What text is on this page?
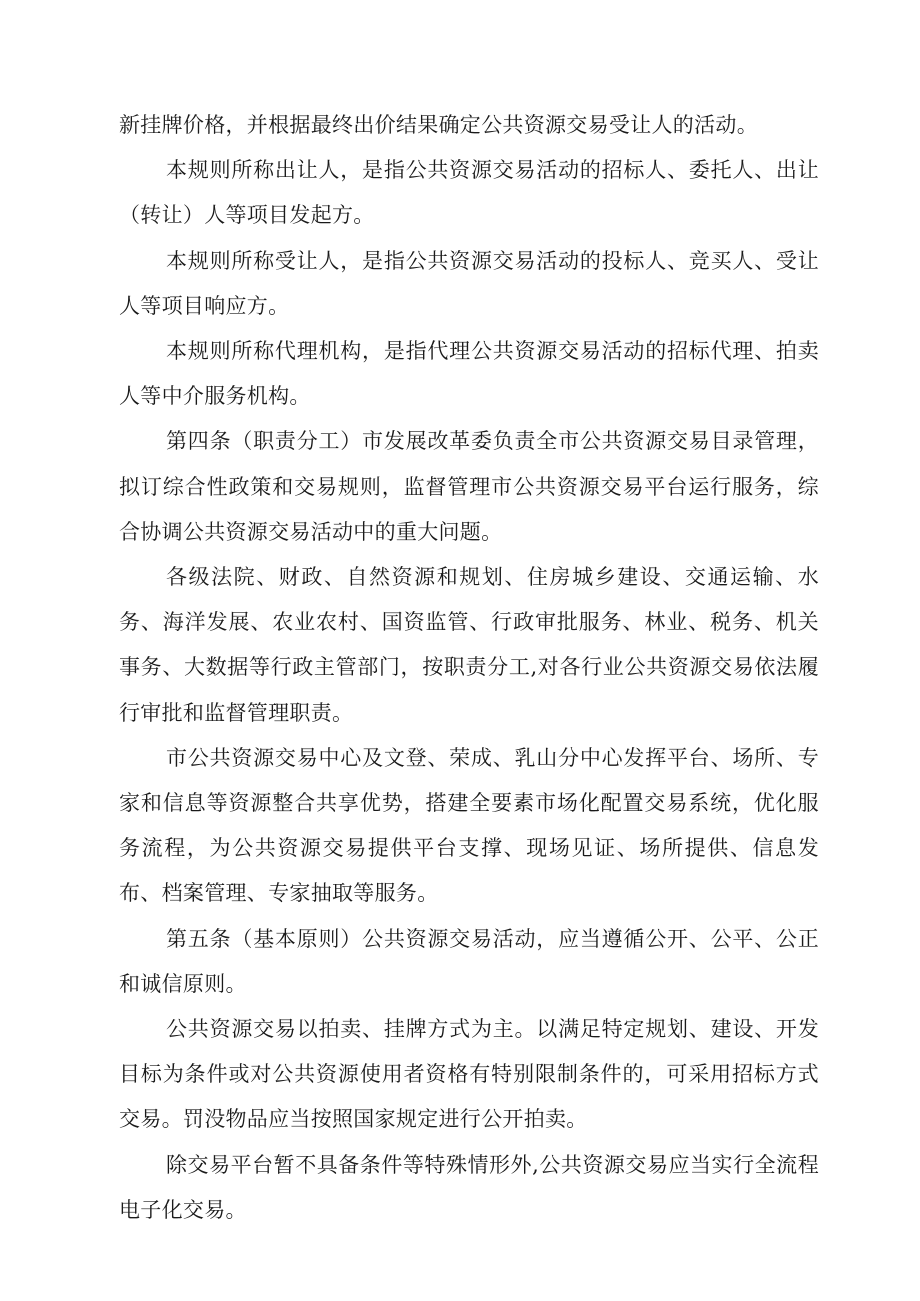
新挂牌价格，并根据最终出价结果确定公共资源交易受让人的活动。

本规则所称出让人，是指公共资源交易活动的招标人、委托人、出让（转让）人等项目发起方。

本规则所称受让人，是指公共资源交易活动的投标人、竞买人、受让人等项目响应方。

本规则所称代理机构，是指代理公共资源交易活动的招标代理、拍卖人等中介服务机构。

第四条（职责分工）市发展改革委负责全市公共资源交易目录管理，拟订综合性政策和交易规则，监督管理市公共资源交易平台运行服务，综合协调公共资源交易活动中的重大问题。

各级法院、财政、自然资源和规划、住房城乡建设、交通运输、水务、海洋发展、农业农村、国资监管、行政审批服务、林业、税务、机关事务、大数据等行政主管部门，按职责分工,对各行业公共资源交易依法履行审批和监督管理职责。

市公共资源交易中心及文登、荣成、乳山分中心发挥平台、场所、专家和信息等资源整合共享优势，搭建全要素市场化配置交易系统，优化服务流程，为公共资源交易提供平台支撑、现场见证、场所提供、信息发布、档案管理、专家抽取等服务。

第五条（基本原则）公共资源交易活动，应当遵循公开、公平、公正和诚信原则。

公共资源交易以拍卖、挂牌方式为主。以满足特定规划、建设、开发目标为条件或对公共资源使用者资格有特别限制条件的，可采用招标方式交易。罚没物品应当按照国家规定进行公开拍卖。

除交易平台暂不具备条件等特殊情形外,公共资源交易应当实行全流程电子化交易。
